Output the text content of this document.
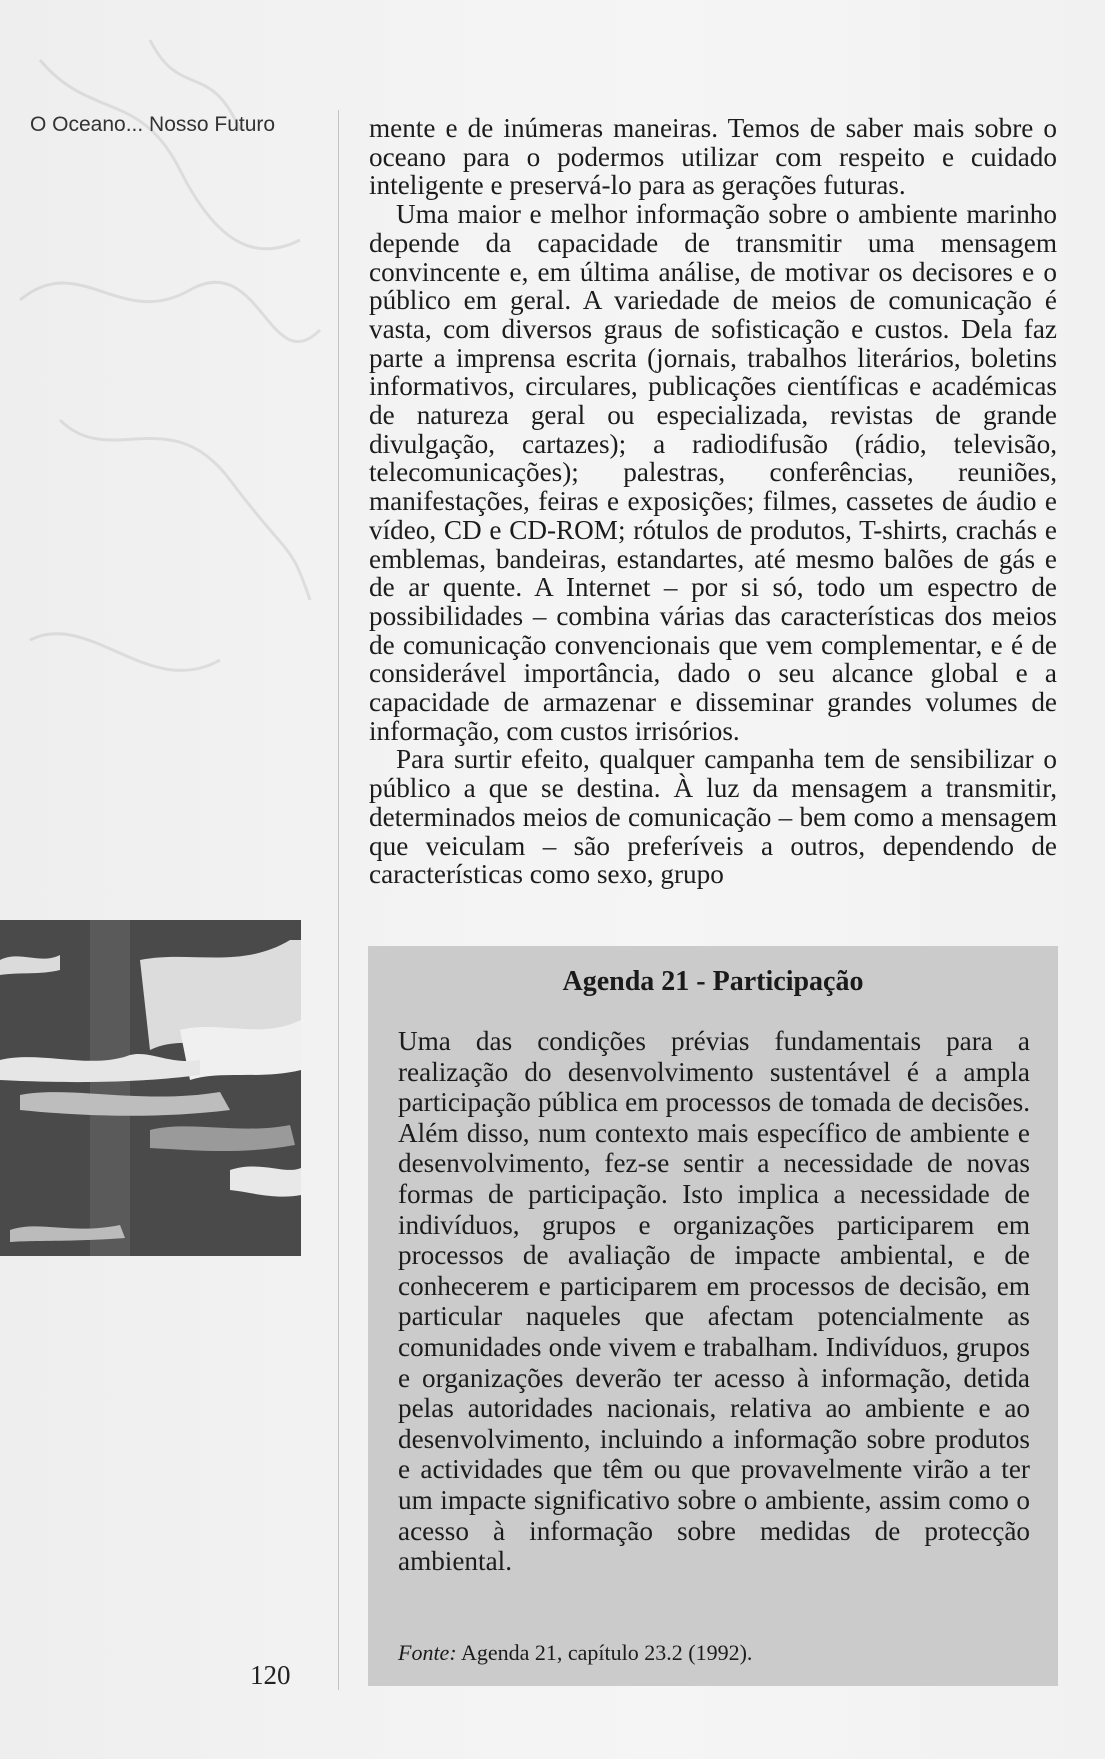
O Oceano... Nosso Futuro	mente e de inúmeras maneiras. Temos de saber mais sobre o oceano para o podermos utilizar com respeito e cuidado inteligente e preservá-lo para as gerações futuras.

Uma maior e melhor informação sobre o ambiente marinho depende da capacidade de transmitir uma mensagem convincente e, em última análise, de motivar os decisores e o público em geral. A variedade de meios de comunicação é vasta, com diversos graus de sofisticação e custos. Dela faz parte a imprensa escrita (jornais, trabalhos literários, boletins informativos, circulares, publicações científicas e académicas de natureza geral ou especializada, revistas de grande divulgação, cartazes); a radiodifusão (rádio, televisão, telecomunicações); palestras, conferências, reuniões, manifestações, feiras e exposições; filmes, cassetes de áudio e vídeo, CD e CD-ROM; rótulos de produtos, T-shirts, crachás e emblemas, bandeiras, estandartes, até mesmo balões de gás e de ar quente. A Internet – por si só, todo um espectro de possibilidades – combina várias das características dos meios de comunicação convencionais que vem complementar, e é de considerável importância, dado o seu alcance global e a capacidade de armazenar e disseminar grandes volumes de informação, com custos irrisórios.

Para surtir efeito, qualquer campanha tem de sensibilizar o público a que se destina. À luz da mensagem a transmitir, determinados meios de comunicação – bem como a mensagem que veiculam – são preferíveis a outros, dependendo de características como sexo, grupo

Agenda 21 - Participação

Uma das condições prévias fundamentais para a realização do desenvolvimento sustentável é a ampla participação pública em processos de tomada de decisões. Além disso, num contexto mais específico de ambiente e desenvolvimento, fez-se sentir a necessidade de novas formas de participação. Isto implica a necessidade de indivíduos, grupos e organizações participarem em processos de avaliação de impacte ambiental, e de conhecerem e participarem em processos de decisão, em particular naqueles que afectam potencialmente as comunidades onde vivem e trabalham. Indivíduos, grupos e organizações deverão ter acesso à informação, detida pelas autoridades nacionais, relativa ao ambiente e ao desenvolvimento, incluindo a informação sobre produtos e actividades que têm ou que provavelmente virão a ter um impacte significativo sobre o ambiente, assim como o acesso à informação sobre medidas de protecção ambiental.

Fonte: Agenda 21, capítulo 23.2 (1992).
120
